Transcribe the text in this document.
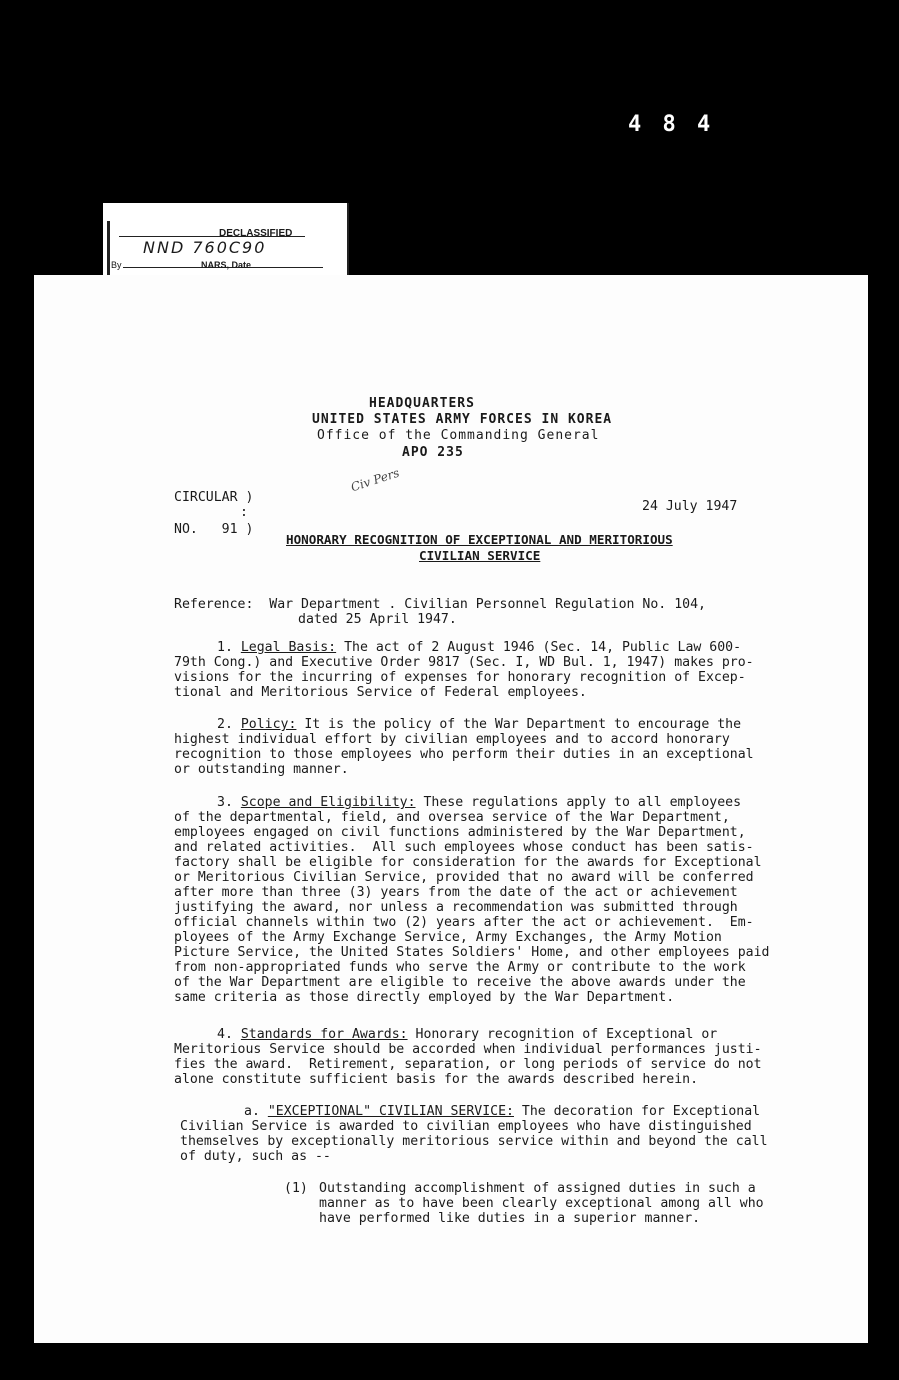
4 8 4
DECLASSIFIED
NND 760C90
By	NARS, Date
HEADQUARTERS
UNITED STATES ARMY FORCES IN KOREA
Office of the Commanding General
APO 235
Civ Pers
CIRCULAR )
:
NO.   91 )
24 July 1947
HONORARY RECOGNITION OF EXCEPTIONAL AND MERITORIOUS
CIVILIAN SERVICE
Reference:  War Department . Civilian Personnel Regulation No. 104,
dated 25 April 1947.
1. Legal Basis: The act of 2 August 1946 (Sec. 14, Public Law 600-
79th Cong.) and Executive Order 9817 (Sec. I, WD Bul. 1, 1947) makes pro-
visions for the incurring of expenses for honorary recognition of Excep-
tional and Meritorious Service of Federal employees.
2. Policy: It is the policy of the War Department to encourage the
highest individual effort by civilian employees and to accord honorary
recognition to those employees who perform their duties in an exceptional
or outstanding manner.
3. Scope and Eligibility: These regulations apply to all employees
of the departmental, field, and oversea service of the War Department,
employees engaged on civil functions administered by the War Department,
and related activities.  All such employees whose conduct has been satis-
factory shall be eligible for consideration for the awards for Exceptional
or Meritorious Civilian Service, provided that no award will be conferred
after more than three (3) years from the date of the act or achievement
justifying the award, nor unless a recommendation was submitted through
official channels within two (2) years after the act or achievement.  Em-
ployees of the Army Exchange Service, Army Exchanges, the Army Motion
Picture Service, the United States Soldiers' Home, and other employees paid
from non-appropriated funds who serve the Army or contribute to the work
of the War Department are eligible to receive the above awards under the
same criteria as those directly employed by the War Department.
4. Standards for Awards: Honorary recognition of Exceptional or
Meritorious Service should be accorded when individual performances justi-
fies the award.  Retirement, separation, or long periods of service do not
alone constitute sufficient basis for the awards described herein.
a. "EXCEPTIONAL" CIVILIAN SERVICE: The decoration for Exceptional
Civilian Service is awarded to civilian employees who have distinguished
themselves by exceptionally meritorious service within and beyond the call
of duty, such as --
(1) Outstanding accomplishment of assigned duties in such a
manner as to have been clearly exceptional among all who
have performed like duties in a superior manner.
